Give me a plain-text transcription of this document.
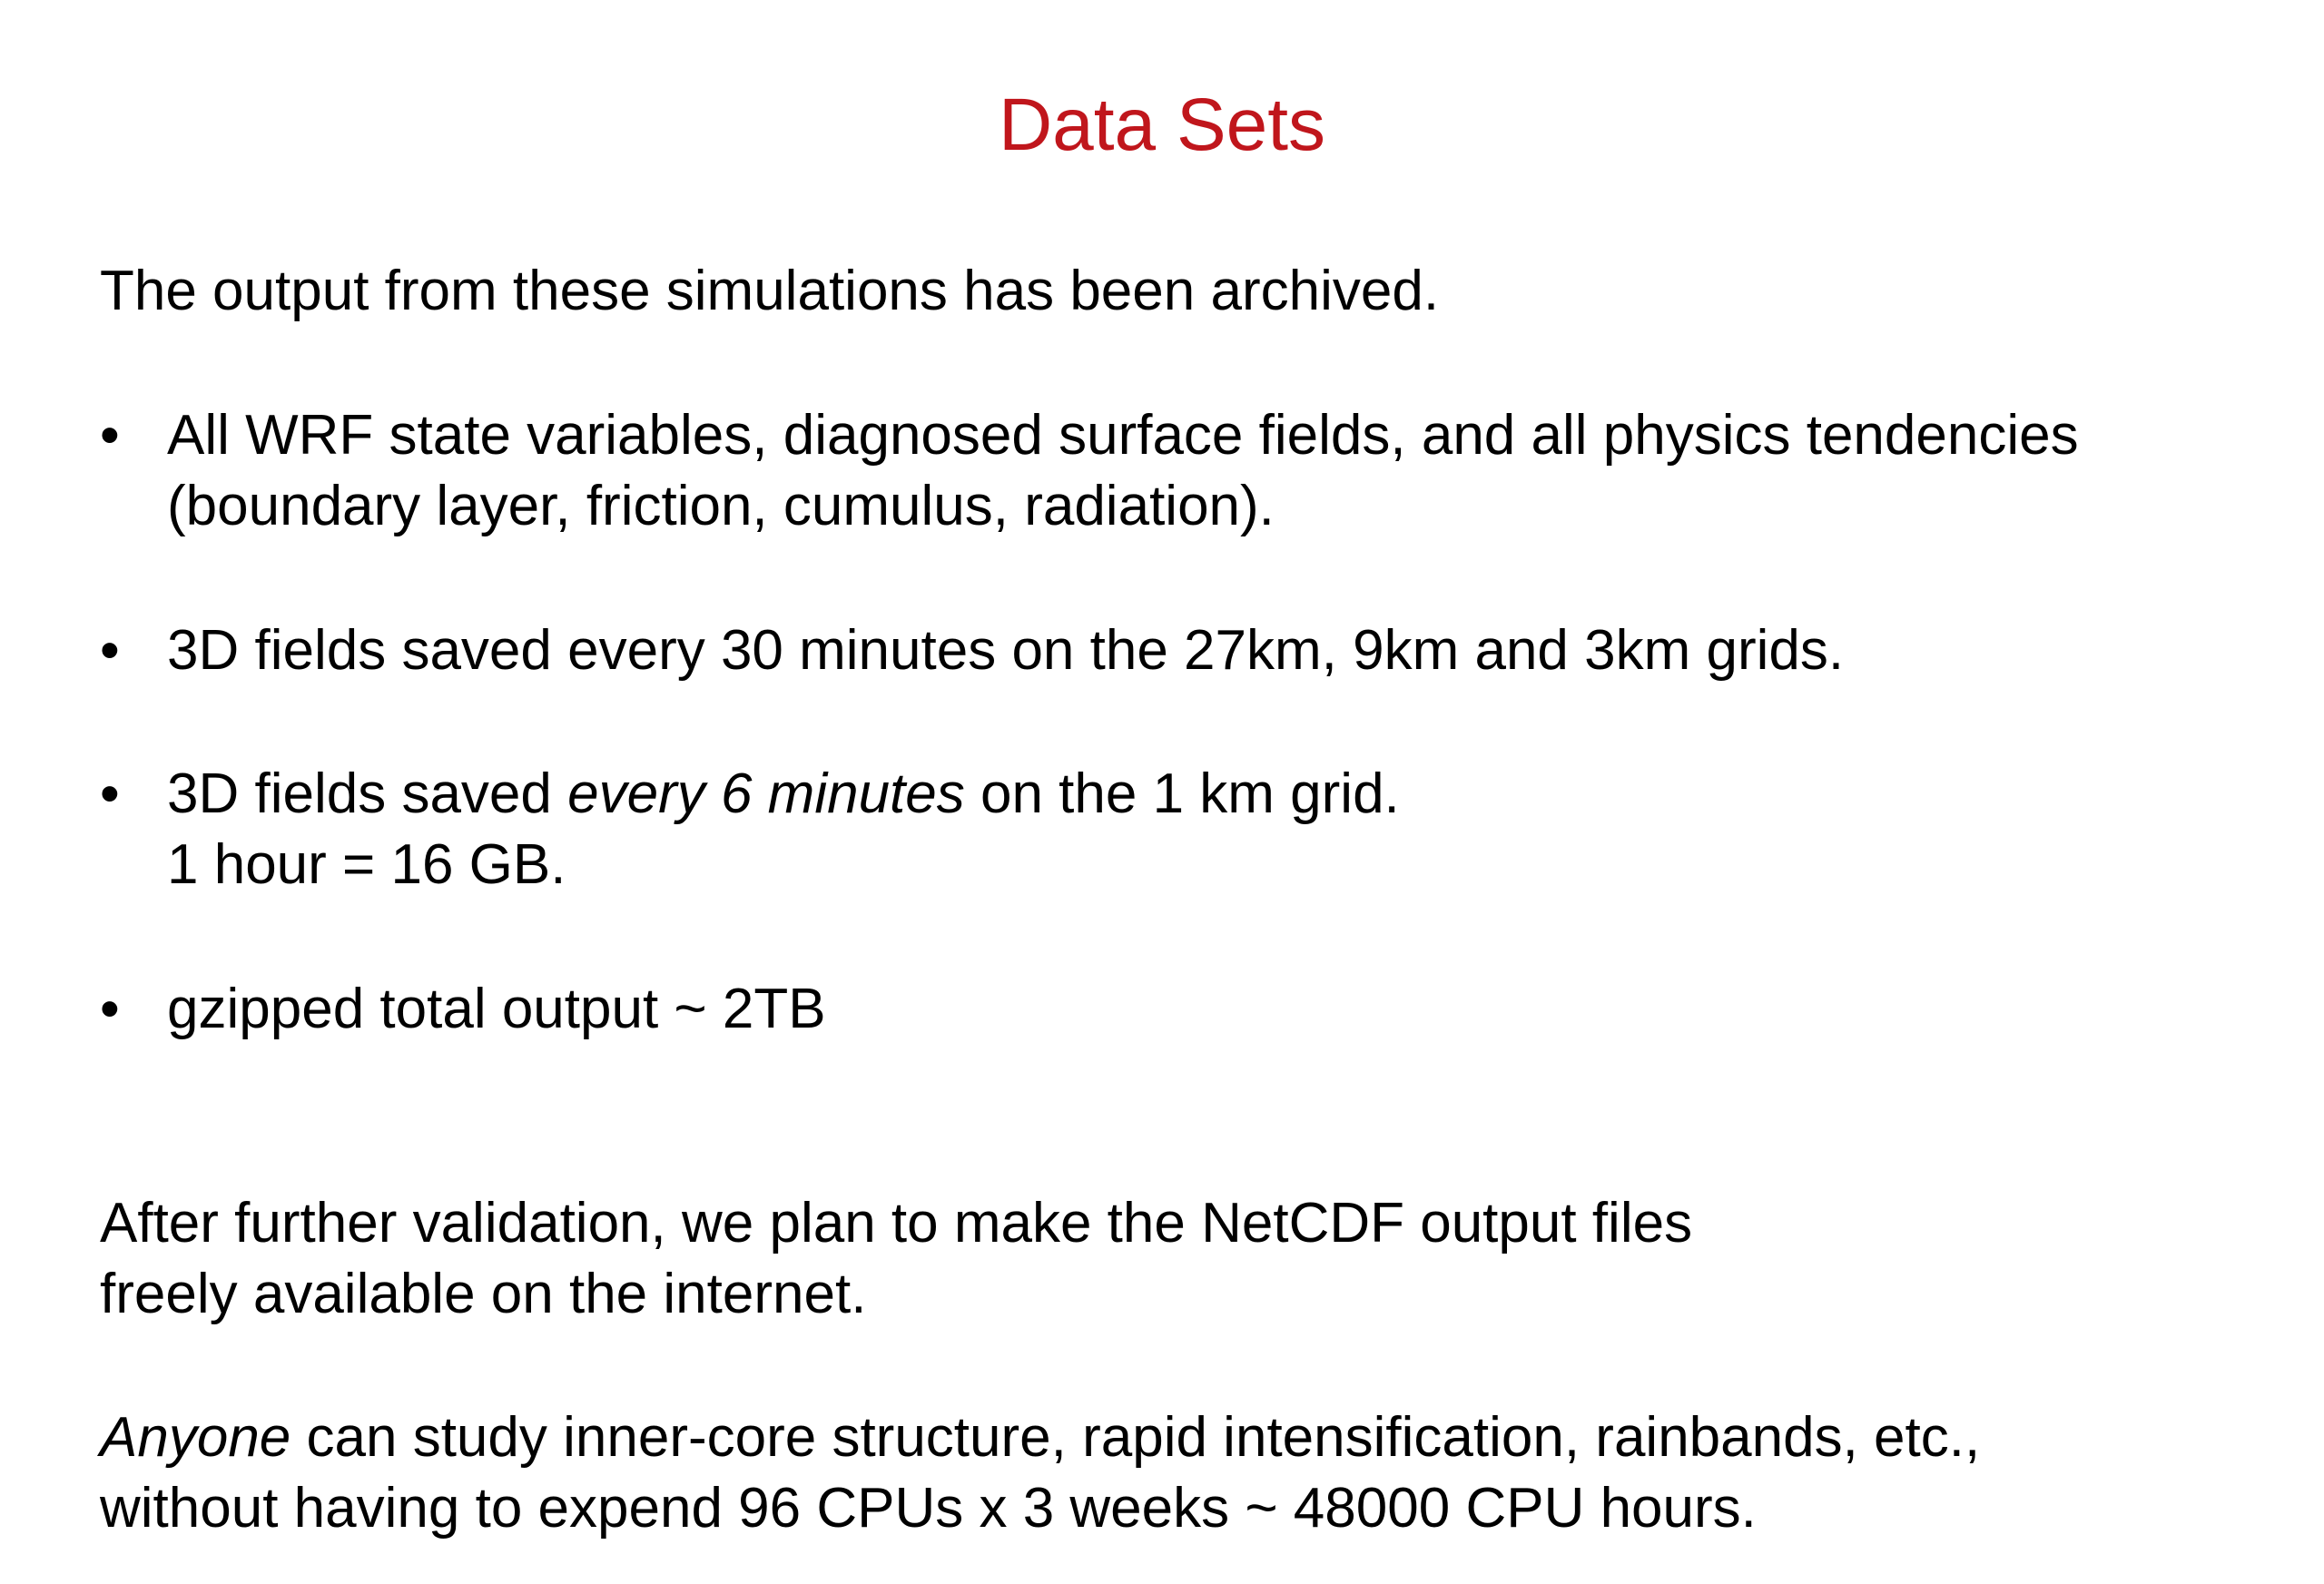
Data Sets

The output from these simulations has been archived.

• All WRF state variables, diagnosed surface fields, and all physics tendencies
(boundary layer, friction, cumulus, radiation).
• 3D fields saved every 30 minutes on the 27km, 9km and 3km grids.
• 3D fields saved every 6 minutes on the 1 km grid.
1 hour = 16 GB.
• gzipped total output ~ 2TB

After further validation, we plan to make the NetCDF output files
freely available on the internet.

Anyone can study inner-core structure, rapid intensification, rainbands, etc.,
without having to expend 96 CPUs x 3 weeks ~ 48000 CPU hours.
